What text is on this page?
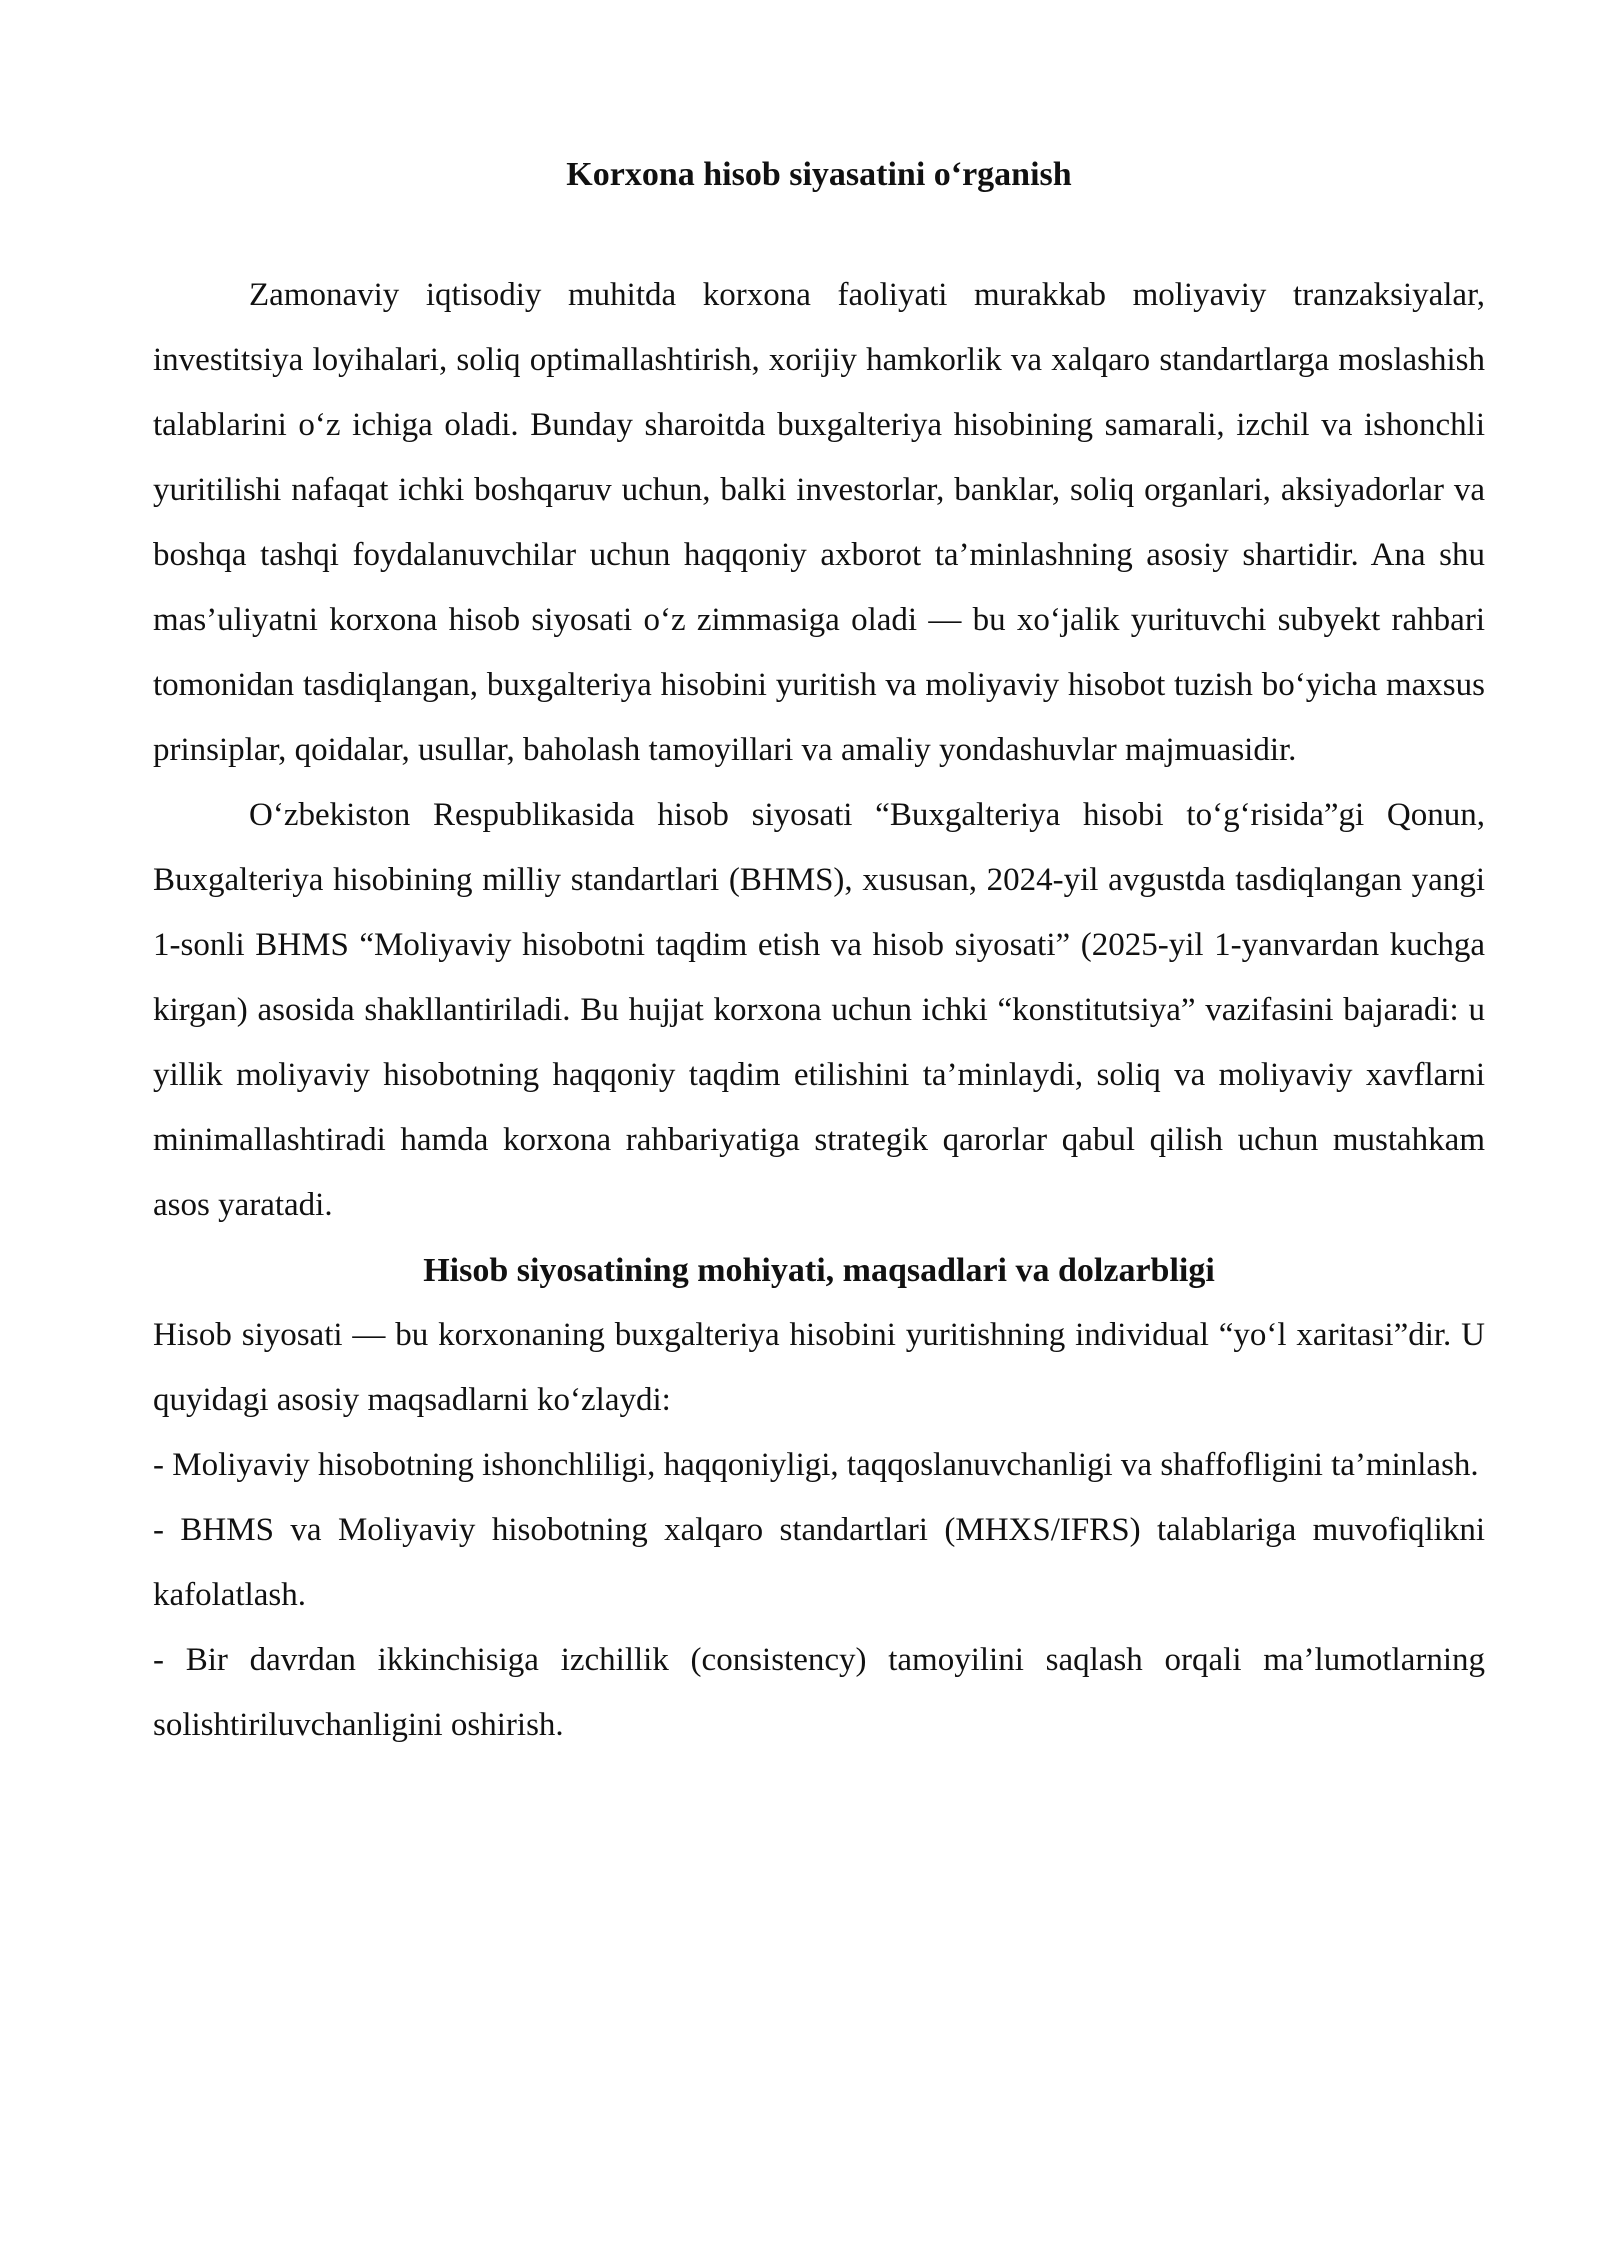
Korxona hisob siyasatini o‘rganish

Zamonaviy iqtisodiy muhitda korxona faoliyati murakkab moliyaviy tranzaksiyalar, investitsiya loyihalari, soliq optimallashtirish, xorijiy hamkorlik va xalqaro standartlarga moslashish talablarini o‘z ichiga oladi. Bunday sharoitda buxgalteriya hisobining samarali, izchil va ishonchli yuritilishi nafaqat ichki boshqaruv uchun, balki investorlar, banklar, soliq organlari, aksiyadorlar va boshqa tashqi foydalanuvchilar uchun haqqoniy axborot ta’minlashning asosiy shartidir. Ana shu mas’uliyatni korxona hisob siyosati o‘z zimmasiga oladi — bu xo‘jalik yurituvchi subyekt rahbari tomonidan tasdiqlangan, buxgalteriya hisobini yuritish va moliyaviy hisobot tuzish bo‘yicha maxsus prinsiplar, qoidalar, usullar, baholash tamoyillari va amaliy yondashuvlar majmuasidir.

O‘zbekiston Respublikasida hisob siyosati “Buxgalteriya hisobi to‘g‘risida”gi Qonun, Buxgalteriya hisobining milliy standartlari (BHMS), xususan, 2024-yil avgustda tasdiqlangan yangi 1-sonli BHMS “Moliyaviy hisobotni taqdim etish va hisob siyosati” (2025-yil 1-yanvardan kuchga kirgan) asosida shakllantiriladi. Bu hujjat korxona uchun ichki “konstitutsiya” vazifasini bajaradi: u yillik moliyaviy hisobotning haqqoniy taqdim etilishini ta’minlaydi, soliq va moliyaviy xavflarni minimallashtiradi hamda korxona rahbariyatiga strategik qarorlar qabul qilish uchun mustahkam asos yaratadi.

Hisob siyosatining mohiyati, maqsadlari va dolzarbligi

Hisob siyosati — bu korxonaning buxgalteriya hisobini yuritishning individual “yo‘l xaritasi”dir. U quyidagi asosiy maqsadlarni ko‘zlaydi:

- Moliyaviy hisobotning ishonchliligi, haqqoniyligi, taqqoslanuvchanligi va shaffofligini ta’minlash.

- BHMS va Moliyaviy hisobotning xalqaro standartlari (MHXS/IFRS) talablariga muvofiqlikni kafolatlash.

- Bir davrdan ikkinchisiga izchillik (consistency) tamoyilini saqlash orqali ma’lumotlarning solishtiriluvchanligini oshirish.
